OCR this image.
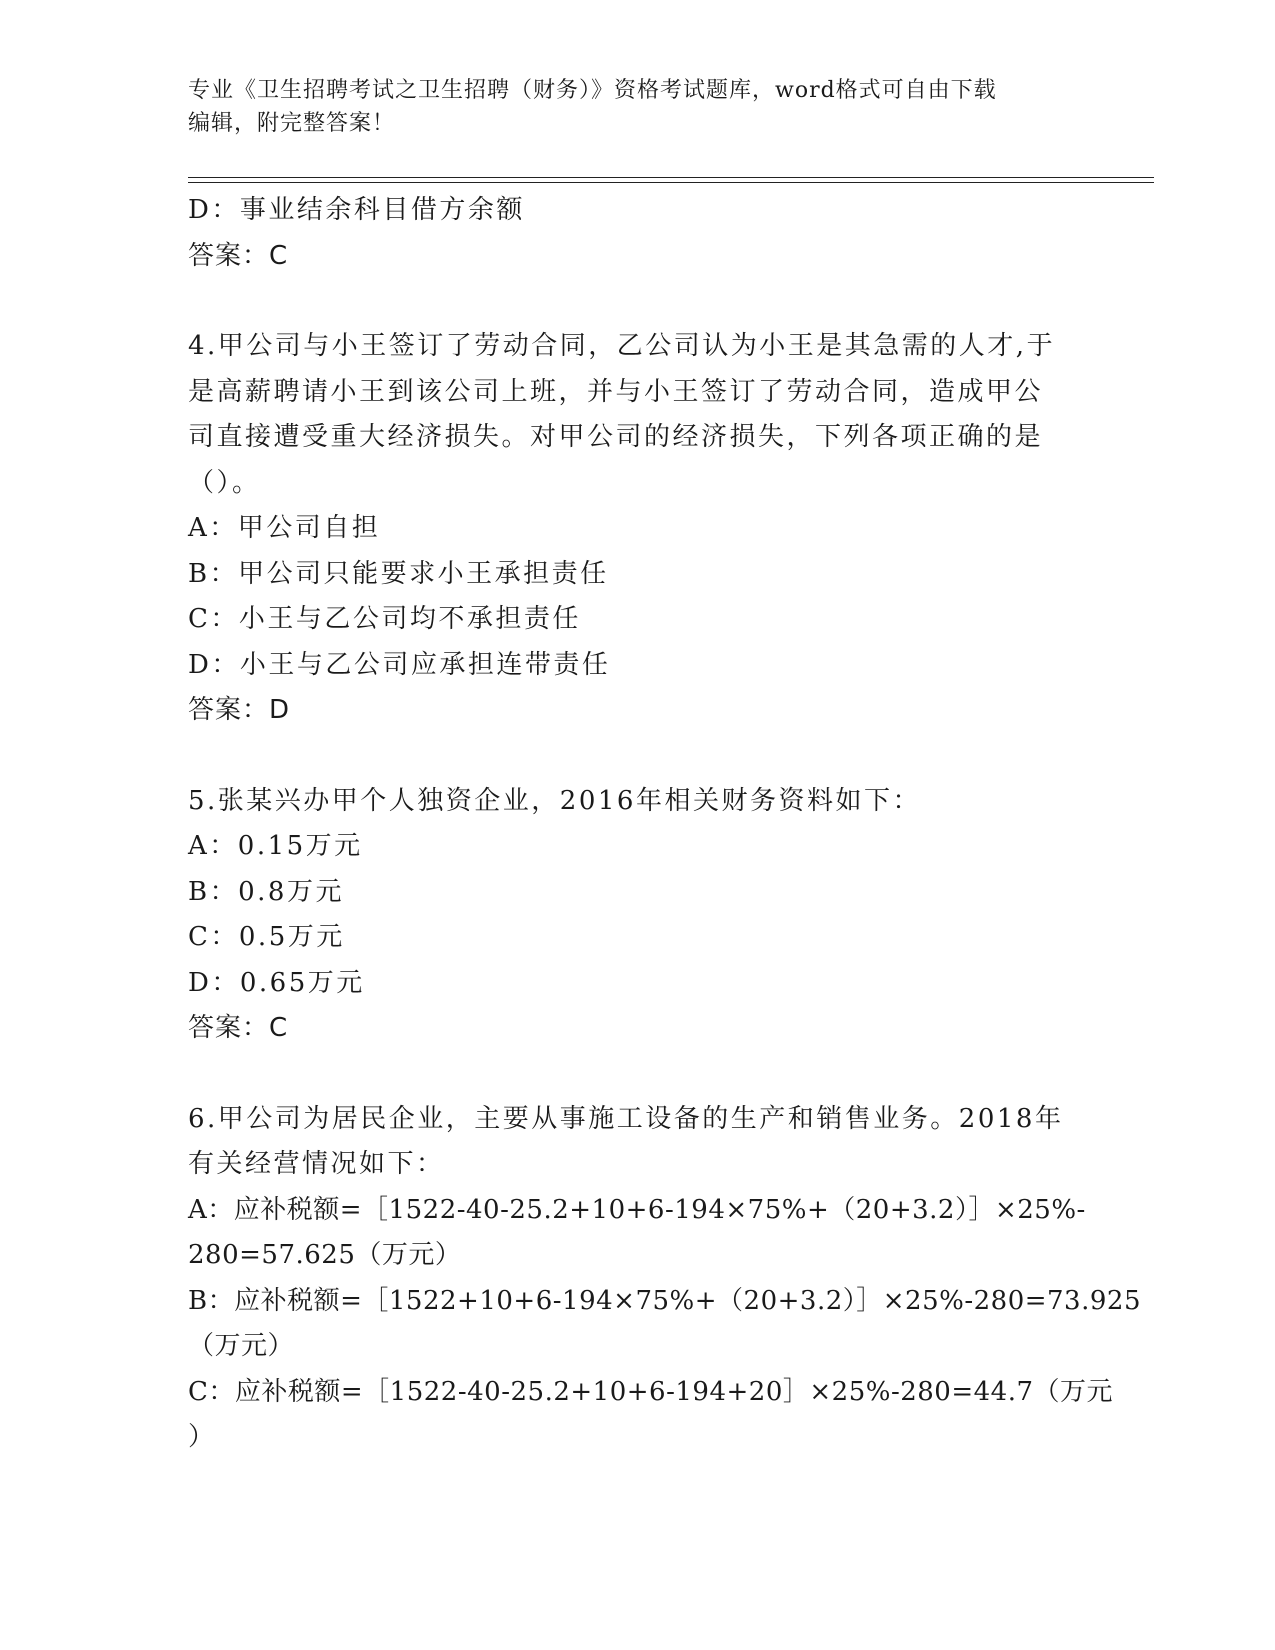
专业《卫生招聘考试之卫生招聘（财务）》资格考试题库，word格式可自由下载
编辑，附完整答案！
D：事业结余科目借方余额
答案：C
4.甲公司与小王签订了劳动合同，乙公司认为小王是其急需的人才,于
是高薪聘请小王到该公司上班，并与小王签订了劳动合同，造成甲公
司直接遭受重大经济损失。对甲公司的经济损失，下列各项正确的是
（）。
A：甲公司自担
B：甲公司只能要求小王承担责任
C：小王与乙公司均不承担责任
D：小王与乙公司应承担连带责任
答案：D
5.张某兴办甲个人独资企业，2016年相关财务资料如下：
A：0.15万元
B：0.8万元
C：0.5万元
D：0.65万元
答案：C
6.甲公司为居民企业，主要从事施工设备的生产和销售业务。2018年
有关经营情况如下：
A：应补税额=［1522-40-25.2+10+6-194×75%+（20+3.2）］×25%-
280=57.625（万元）
B：应补税额=［1522+10+6-194×75%+（20+3.2）］×25%-280=73.925
（万元）
C：应补税额=［1522-40-25.2+10+6-194+20］×25%-280=44.7（万元
）
